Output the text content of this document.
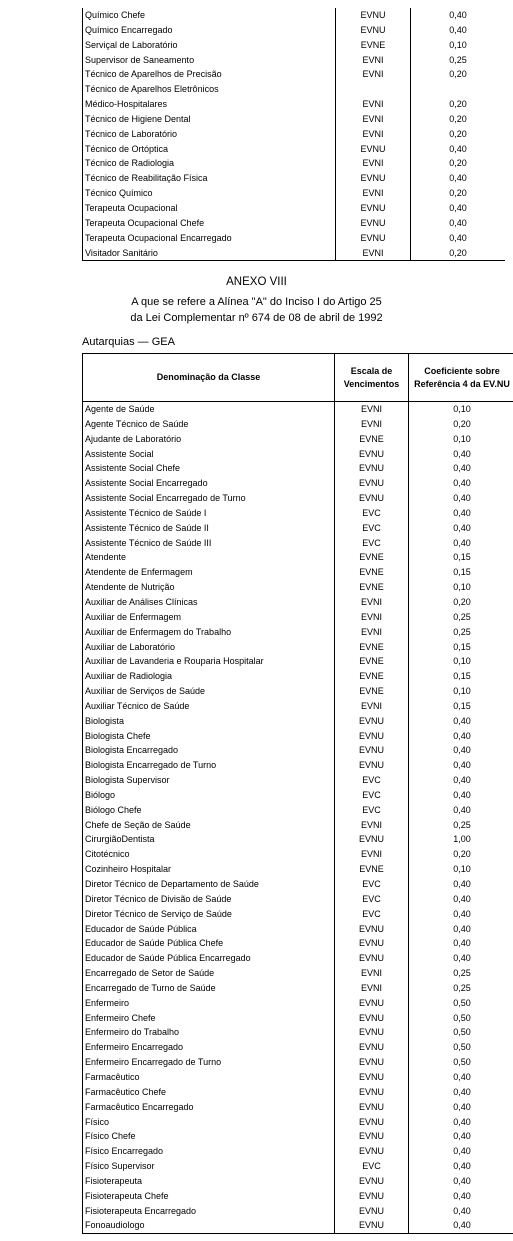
Químico Chefe	EVNU	0,40
Químico Encarregado	EVNU	0,40
Serviçal de Laboratório	EVNE	0,10
Supervisor de Saneamento	EVNI	0,25
Técnico de Aparelhos de Precisão	EVNI	0,20
Técnico de Aparelhos Eletrônicos		
Médico-Hospitalares	EVNI	0,20
Técnico de Higiene Dental	EVNI	0,20
Técnico de Laboratório	EVNI	0,20
Técnico de Ortóptica	EVNU	0,40
Técnico de Radiologia	EVNI	0,20
Técnico de Reabilitação Física	EVNU	0,40
Técnico Químico	EVNI	0,20
Terapeuta Ocupacional	EVNU	0,40
Terapeuta Ocupacional Chefe	EVNU	0,40
Terapeuta Ocupacional Encarregado	EVNU	0,40
Visitador Sanitário	EVNI	0,20
ANEXO VIII
A que se refere a Alínea "A" do Inciso I do Artigo 25
da Lei Complementar nº 674 de 08 de abril de 1992
Autarquias — GEA
Denominação da Classe	Escala de Vencimentos	Coeficiente sobre Referência 4 da EV.NU
Agente de Saúde	EVNI	0,10
Agente Técnico de Saúde	EVNI	0,20
Ajudante de Laboratório	EVNE	0,10
Assistente Social	EVNU	0,40
Assistente Social Chefe	EVNU	0,40
Assistente Social Encarregado	EVNU	0,40
Assistente Social Encarregado de Turno	EVNU	0,40
Assistente Técnico de Saúde I	EVC	0,40
Assistente Técnico de Saúde II	EVC	0,40
Assistente Técnico de Saúde III	EVC	0,40
Atendente	EVNE	0,15
Atendente de Enfermagem	EVNE	0,15
Atendente de Nutrição	EVNE	0,10
Auxiliar de Análises Clínicas	EVNI	0,20
Auxiliar de Enfermagem	EVNI	0,25
Auxiliar de Enfermagem do Trabalho	EVNI	0,25
Auxiliar de Laboratório	EVNE	0,15
Auxiliar de Lavanderia e Rouparia Hospitalar	EVNE	0,10
Auxiliar de Radiologia	EVNE	0,15
Auxiliar de Serviços de Saúde	EVNE	0,10
Auxiliar Técnico de Saúde	EVNI	0,15
Biologista	EVNU	0,40
Biologista Chefe	EVNU	0,40
Biologista Encarregado	EVNU	0,40
Biologista Encarregado de Turno	EVNU	0,40
Biologista Supervisor	EVC	0,40
Biólogo	EVC	0,40
Biólogo Chefe	EVC	0,40
Chefe de Seção de Saúde	EVNI	0,25
CirurgiãoDentista	EVNU	1,00
Citotécnico	EVNI	0,20
Cozinheiro Hospitalar	EVNE	0,10
Diretor Técnico de Departamento de Saúde	EVC	0,40
Diretor Técnico de Divisão de Saúde	EVC	0,40
Diretor Técnico de Serviço de Saúde	EVC	0,40
Educador de Saúde Pública	EVNU	0,40
Educador de Saúde Pública Chefe	EVNU	0,40
Educador de Saúde Pública Encarregado	EVNU	0,40
Encarregado de Setor de Saúde	EVNI	0,25
Encarregado de Turno de Saúde	EVNI	0,25
Enfermeiro	EVNU	0,50
Enfermeiro Chefe	EVNU	0,50
Enfermeiro do Trabalho	EVNU	0,50
Enfermeiro Encarregado	EVNU	0,50
Enfermeiro Encarregado de Turno	EVNU	0,50
Farmacêutico	EVNU	0,40
Farmacêutico Chefe	EVNU	0,40
Farmacêutico Encarregado	EVNU	0,40
Físico	EVNU	0,40
Físico Chefe	EVNU	0,40
Físico Encarregado	EVNU	0,40
Físico Supervisor	EVC	0,40
Fisioterapeuta	EVNU	0,40
Fisioterapeuta Chefe	EVNU	0,40
Fisioterapeuta Encarregado	EVNU	0,40
Fonoaudiologo	EVNU	0,40
